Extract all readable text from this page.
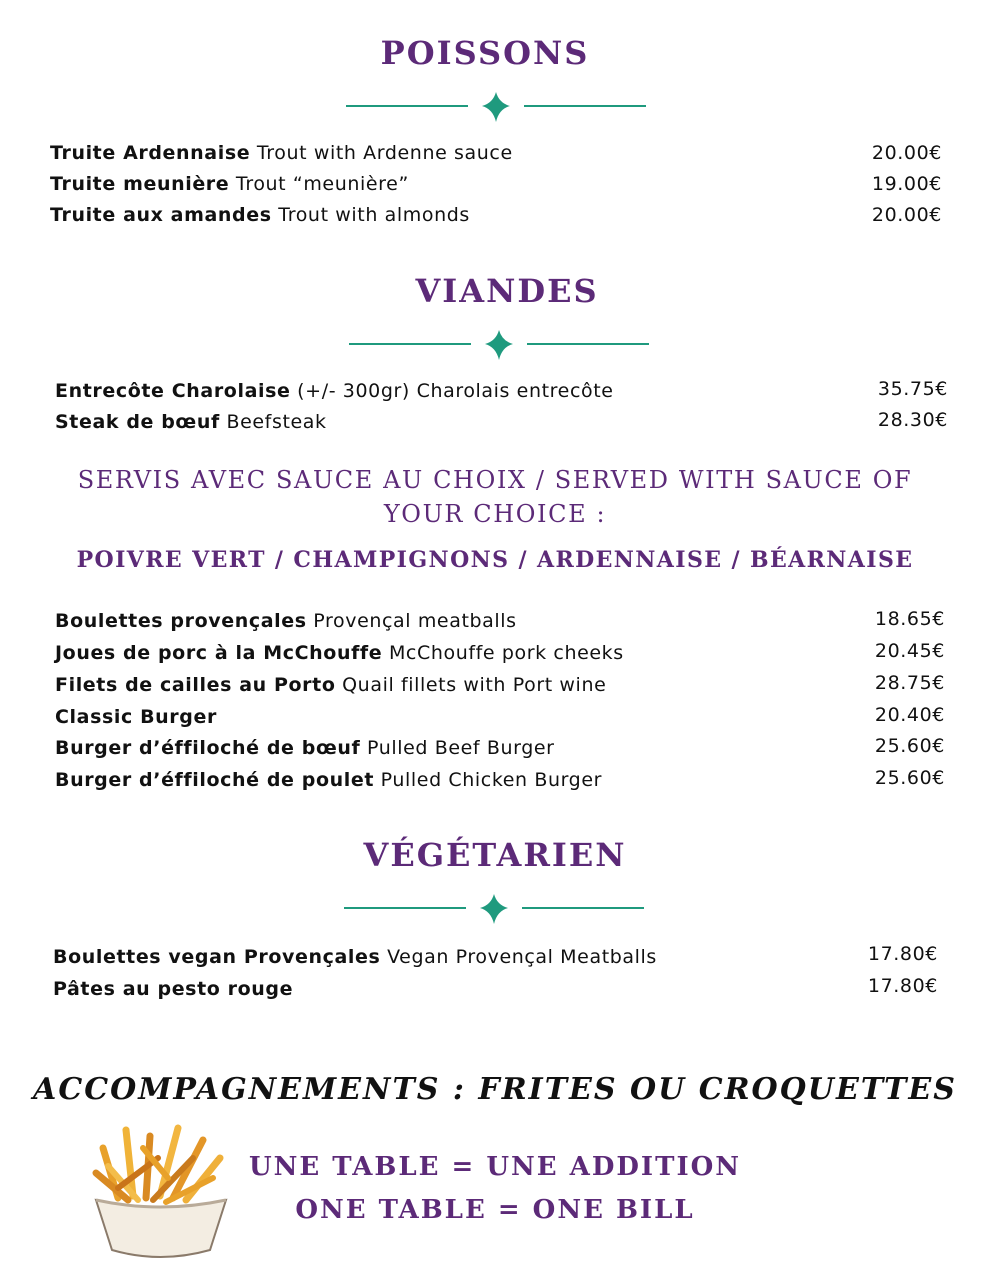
POISSONS
Truite Ardennaise Trout with Ardenne sauce	20.00€
Truite meunière Trout “meunière”	19.00€
Truite aux amandes Trout with almonds	20.00€
VIANDES
Entrecôte Charolaise (+/- 300gr) Charolais entrecôte	35.75€
Steak de bœuf Beefsteak	28.30€
SERVIS AVEC SAUCE AU CHOIX / SERVED WITH SAUCE OF YOUR CHOICE :
POIVRE VERT / CHAMPIGNONS / ARDENNAISE / BÉARNAISE
Boulettes provençales Provençal meatballs	18.65€
Joues de porc à la McChouffe McChouffe pork cheeks	20.45€
Filets de cailles au Porto Quail fillets with Port wine	28.75€
Classic Burger	20.40€
Burger d’éffiloché de bœuf Pulled Beef Burger	25.60€
Burger d’éffiloché de poulet Pulled Chicken Burger	25.60€
VÉGÉTARIEN
Boulettes vegan Provençales Vegan Provençal Meatballs	17.80€
Pâtes au pesto rouge	17.80€
ACCOMPAGNEMENTS : FRITES OU CROQUETTES
UNE TABLE = UNE ADDITION
ONE TABLE = ONE BILL
